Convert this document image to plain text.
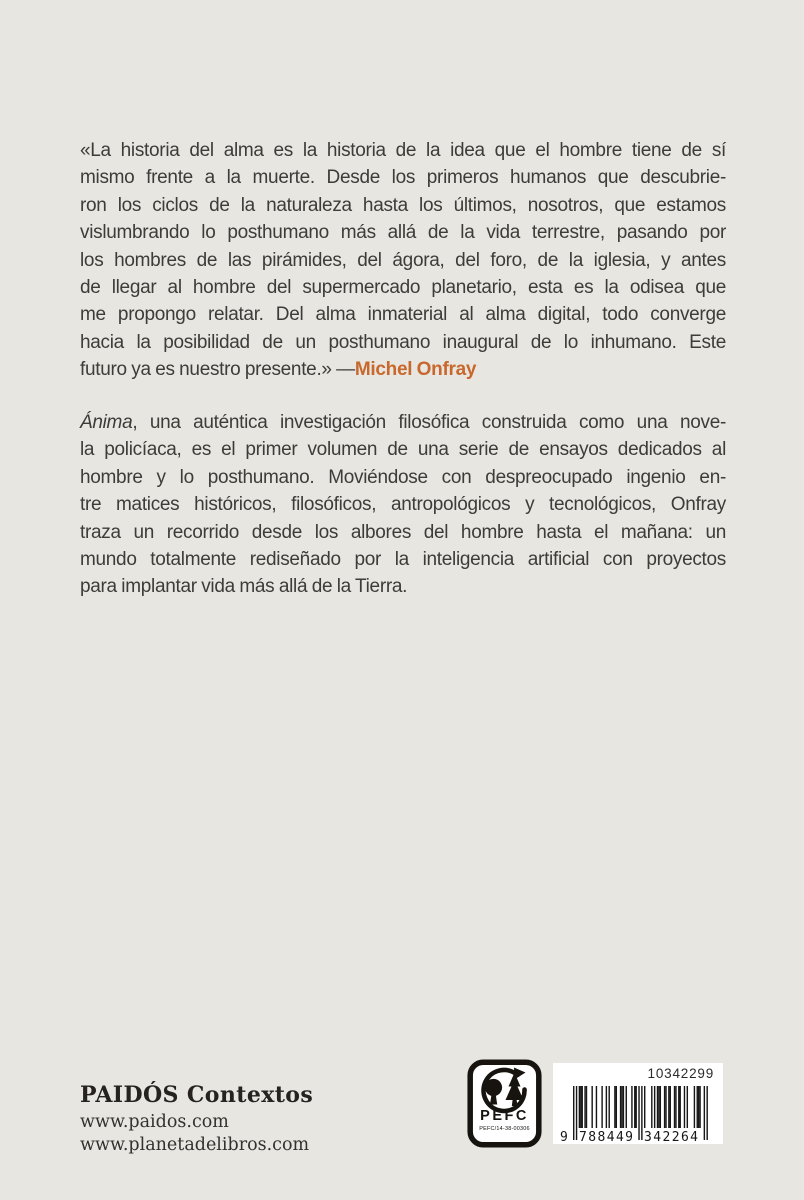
«La historia del alma es la historia de la idea que el hombre tiene de sí
mismo frente a la muerte. Desde los primeros humanos que descubrie-
ron los ciclos de la naturaleza hasta los últimos, nosotros, que estamos
vislumbrando lo posthumano más allá de la vida terrestre, pasando por
los hombres de las pirámides, del ágora, del foro, de la iglesia, y antes
de llegar al hombre del supermercado planetario, esta es la odisea que
me propongo relatar. Del alma inmaterial al alma digital, todo converge
hacia la posibilidad de un posthumano inaugural de lo inhumano. Este
futuro ya es nuestro presente.» —Michel Onfray
Ánima, una auténtica investigación filosófica construida como una nove-
la policíaca, es el primer volumen de una serie de ensayos dedicados al
hombre y lo posthumano. Moviéndose con despreocupado ingenio en-
tre matices históricos, filosóficos, antropológicos y tecnológicos, Onfray
traza un recorrido desde los albores del hombre hasta el mañana: un
mundo totalmente rediseñado por la inteligencia artificial con proyectos
para implantar vida más allá de la Tierra.
PAIDÓS Contextos
www.paidos.com
www.planetadelibros.com
PEFC
PEFC/14-38-00306
10342299
9 788449 342264
